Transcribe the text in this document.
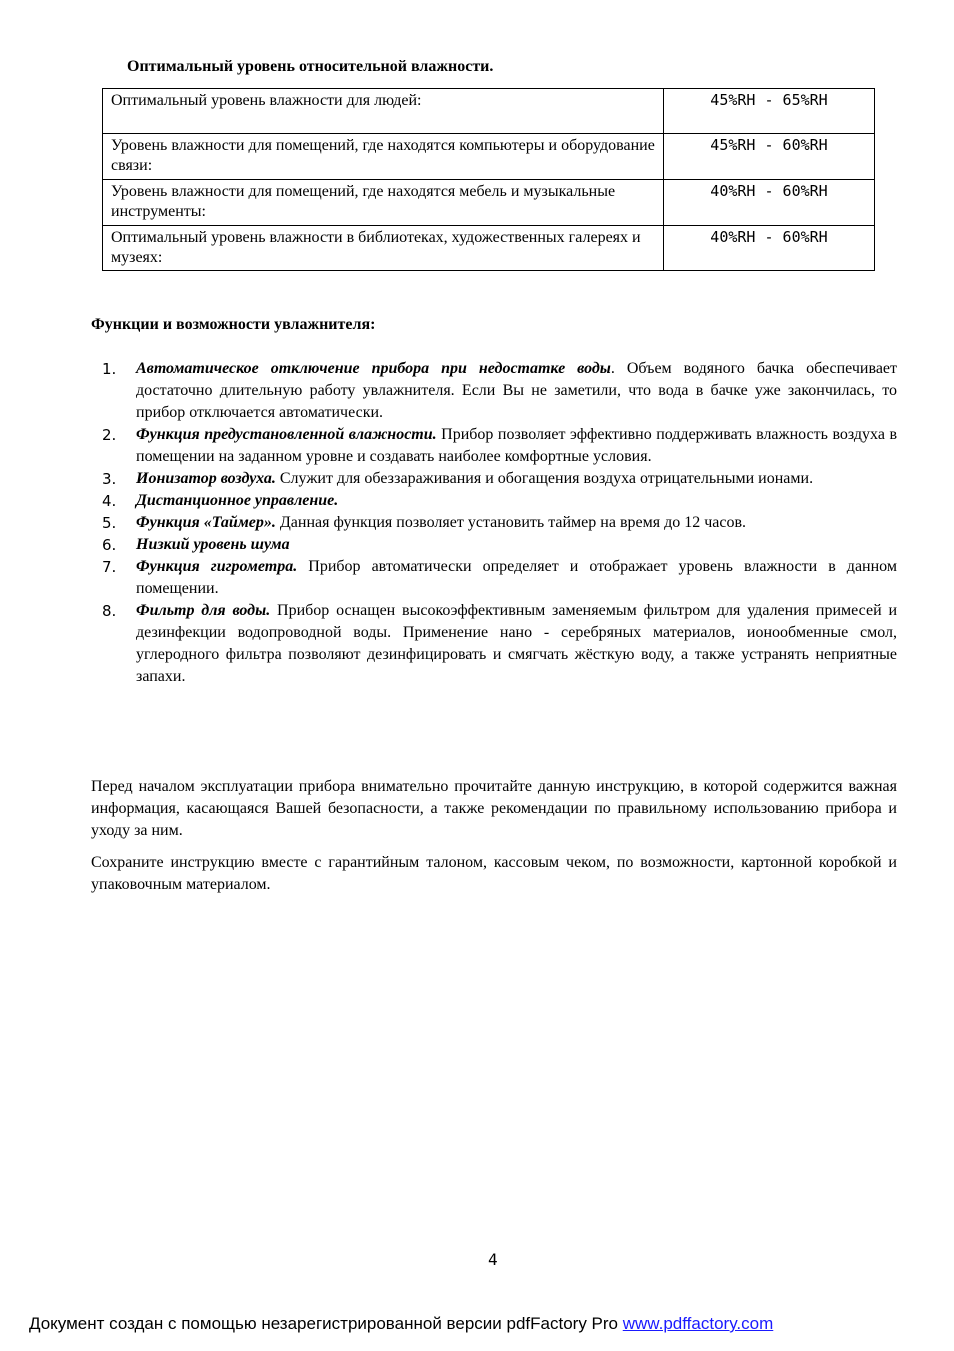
Оптимальный уровень относительной влажности.
Оптимальный уровень влажности для людей:	45%RH - 65%RH
Уровень влажности для помещений, где находятся компьютеры и оборудование связи:	45%RH - 60%RH
Уровень влажности для помещений, где находятся мебель и музыкальные инструменты:	40%RH - 60%RH
Оптимальный уровень влажности в библиотеках, художественных галереях и музеях:	40%RH - 60%RH
Функции и возможности увлажнителя:
1. Автоматическое отключение прибора при недостатке воды. Объем водяного бачка обеспечивает достаточно длительную работу увлажнителя. Если Вы не заметили, что вода в бачке уже закончилась, то прибор отключается автоматически.
2. Функция предустановленной влажности. Прибор позволяет эффективно поддерживать влажность воздуха в помещении на заданном уровне и создавать наиболее комфортные условия.
3. Ионизатор воздуха. Служит для обеззараживания и обогащения воздуха отрицательными ионами.
4. Дистанционное управление.
5. Функция «Таймер». Данная функция позволяет установить таймер на время до 12 часов.
6. Низкий уровень шума
7. Функция гигрометра. Прибор автоматически определяет и отображает уровень влажности в данном помещении.
8. Фильтр для воды. Прибор оснащен высокоэффективным заменяемым фильтром для удаления примесей и дезинфекции водопроводной воды. Применение нано - серебряных материалов, ионообменные смол, углеродного фильтра позволяют дезинфицировать и смягчать жёсткую воду, а также устранять неприятные запахи.

Перед началом эксплуатации прибора внимательно прочитайте данную инструкцию, в которой содержится важная информация, касающаяся Вашей безопасности, а также рекомендации по правильному использованию прибора и уходу за ним.

Сохраните инструкцию вместе с гарантийным талоном, кассовым чеком, по возможности, картонной коробкой и упаковочным материалом.

4
Документ создан с помощью незарегистрированной версии pdfFactory Pro www.pdffactory.com
